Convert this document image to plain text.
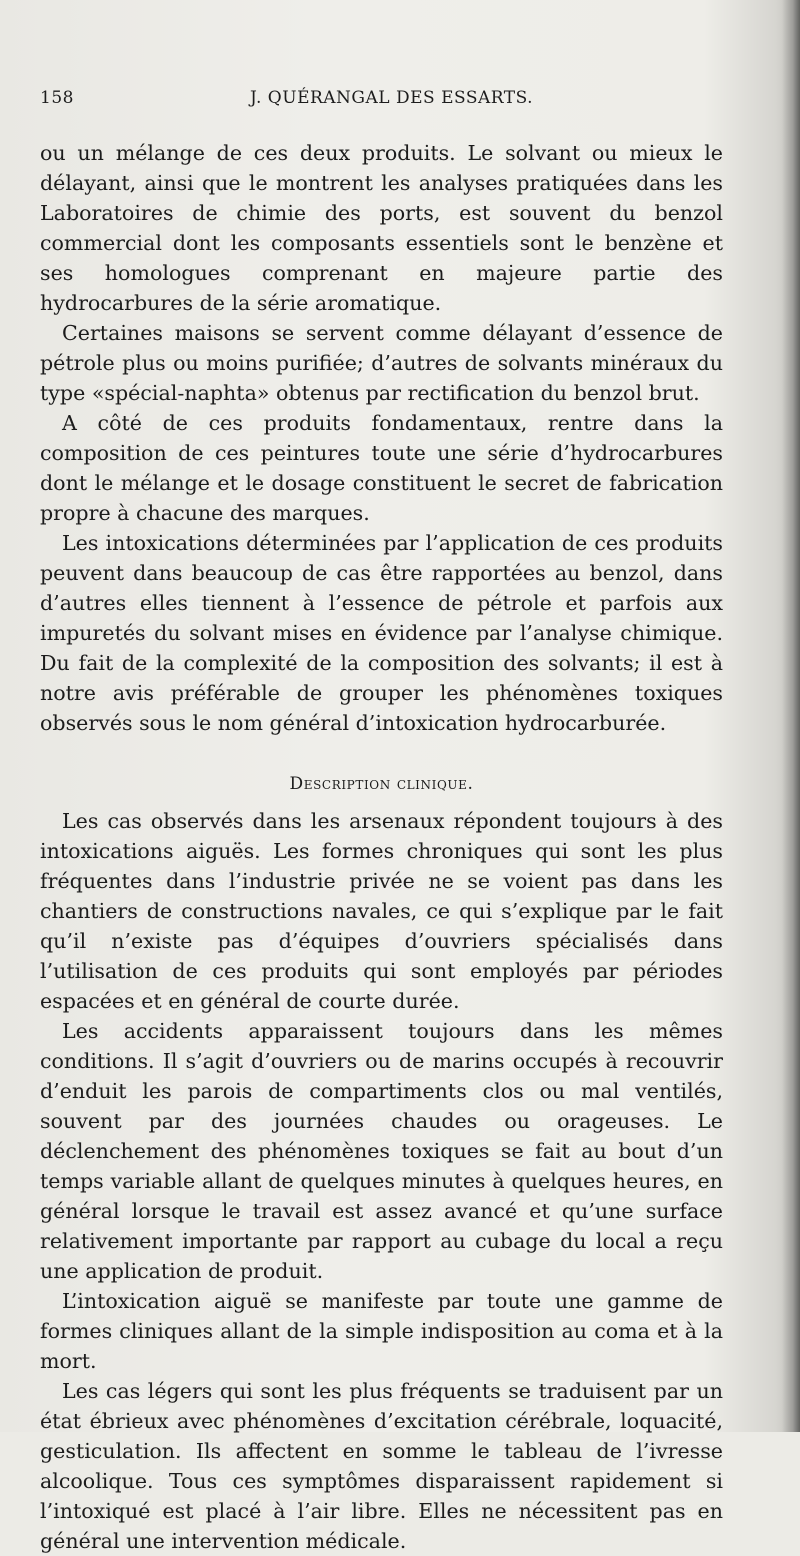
158	J. QUÉRANGAL DES ESSARTS.

ou un mélange de ces deux produits. Le solvant ou mieux le délayant, ainsi que le montrent les analyses pratiquées dans les Laboratoires de chimie des ports, est souvent du benzol commercial dont les composants essentiels sont le benzène et ses homologues comprenant en majeure partie des hydrocarbures de la série aromatique.

Certaines maisons se servent comme délayant d’essence de pétrole plus ou moins purifiée; d’autres de solvants minéraux du type «spécial-naphta» obtenus par rectification du benzol brut.

A côté de ces produits fondamentaux, rentre dans la composition de ces peintures toute une série d’hydrocarbures dont le mélange et le dosage constituent le secret de fabrication propre à chacune des marques.

Les intoxications déterminées par l’application de ces produits peuvent dans beaucoup de cas être rapportées au benzol, dans d’autres elles tiennent à l’essence de pétrole et parfois aux impuretés du solvant mises en évidence par l’analyse chimique. Du fait de la complexité de la composition des solvants; il est à notre avis préférable de grouper les phénomènes toxiques observés sous le nom général d’intoxication hydrocarburée.

Description clinique.

Les cas observés dans les arsenaux répondent toujours à des intoxications aiguës. Les formes chroniques qui sont les plus fréquentes dans l’industrie privée ne se voient pas dans les chantiers de constructions navales, ce qui s’explique par le fait qu’il n’existe pas d’équipes d’ouvriers spécialisés dans l’utilisation de ces produits qui sont employés par périodes espacées et en général de courte durée.

Les accidents apparaissent toujours dans les mêmes conditions. Il s’agit d’ouvriers ou de marins occupés à recouvrir d’enduit les parois de compartiments clos ou mal ventilés, souvent par des journées chaudes ou orageuses. Le déclenchement des phénomènes toxiques se fait au bout d’un temps variable allant de quelques minutes à quelques heures, en général lorsque le travail est assez avancé et qu’une surface relativement importante par rapport au cubage du local a reçu une application de produit.

L’intoxication aiguë se manifeste par toute une gamme de formes cliniques allant de la simple indisposition au coma et à la mort.

Les cas légers qui sont les plus fréquents se traduisent par un état ébrieux avec phénomènes d’excitation cérébrale, loquacité, gesticulation. Ils affectent en somme le tableau de l’ivresse alcoolique. Tous ces symptômes disparaissent rapidement si l’intoxiqué est placé à l’air libre. Elles ne nécessitent pas en général une intervention médicale.
